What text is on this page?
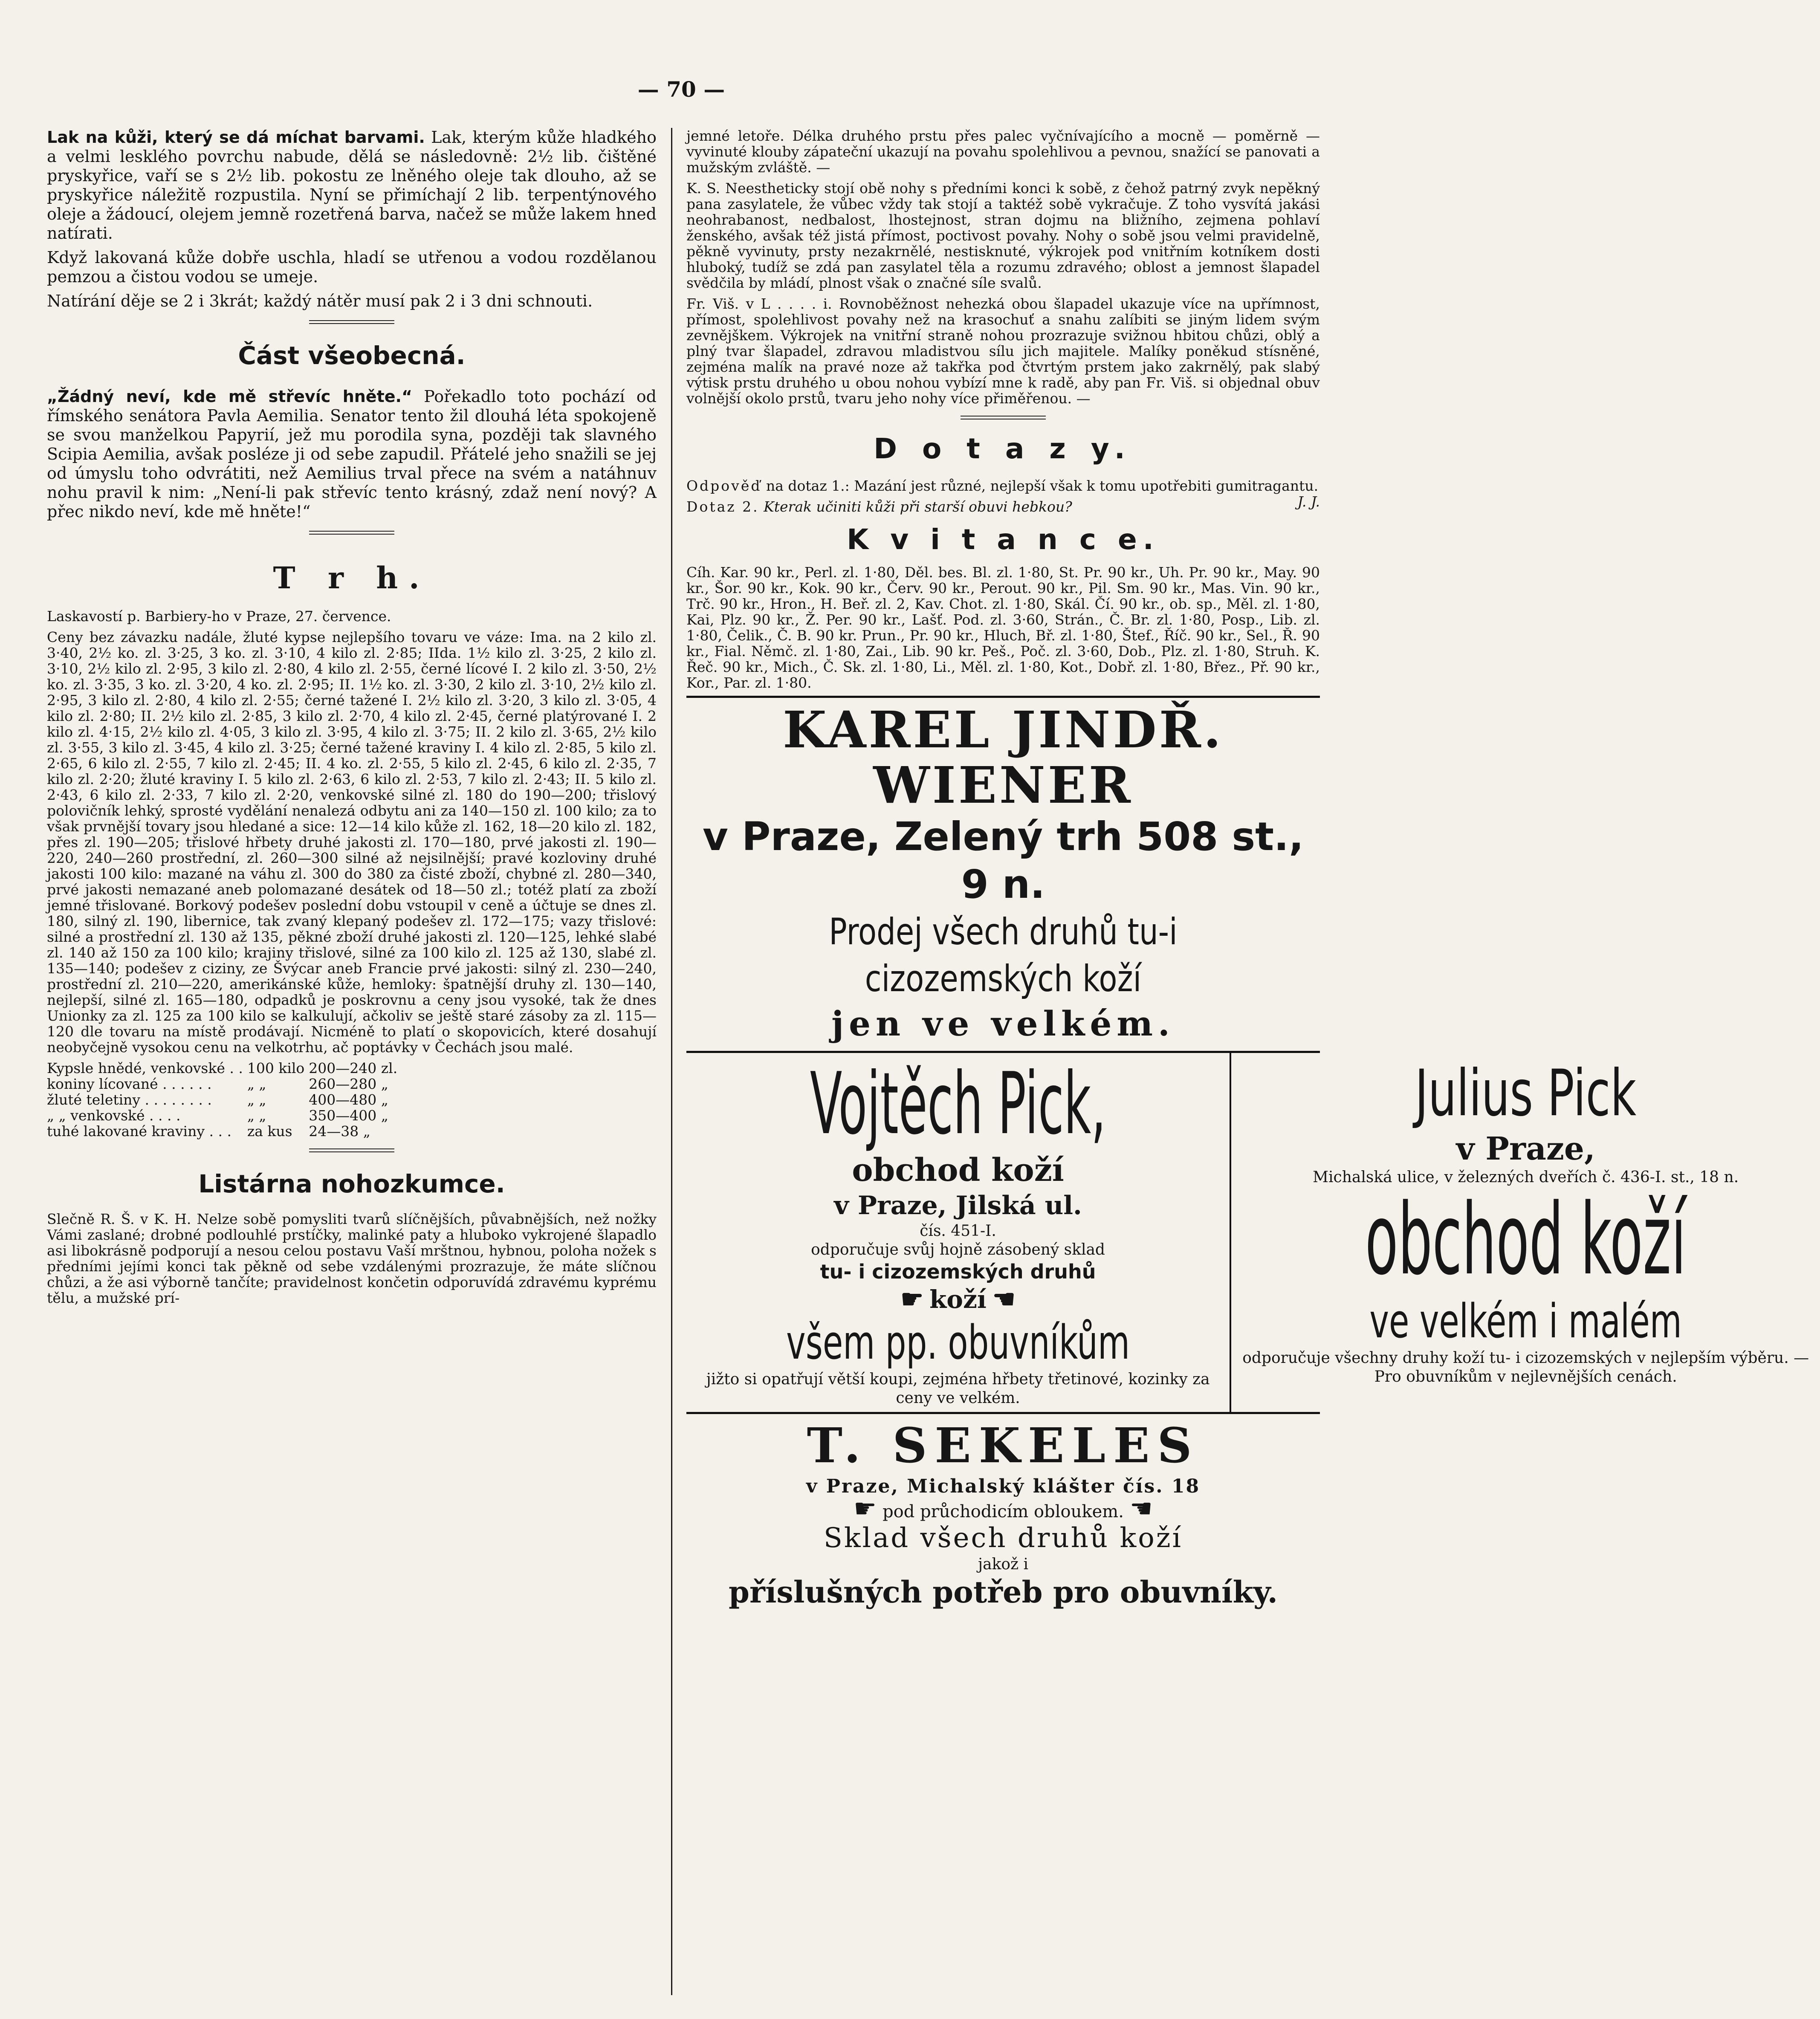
— 70 —

Lak na kůži, který se dá míchat barvami. Lak, kterým kůže hladkého a velmi lesklého povrchu nabude, dělá se následovně: 2½ lib. čištěné pryskyřice, vaří se s 2½ lib. pokostu ze lněného oleje tak dlouho, až se pryskyřice náležitě rozpustila. Nyní se přimíchají 2 lib. terpentýnového oleje a žádoucí, olejem jemně rozetřená barva, načež se může lakem hned natírati.

Když lakovaná kůže dobře uschla, hladí se utřenou a vodou rozdělanou pemzou a čistou vodou se umeje.

Natírání děje se 2 i 3krát; každý nátěr musí pak 2 i 3 dni schnouti.

Část všeobecná.

„Žádný neví, kde mě střevíc hněte.“ Pořekadlo toto pochází od římského senátora Pavla Aemilia. Senator tento žil dlouhá léta spokojeně se svou manželkou Papyrií, jež mu porodila syna, později tak slavného Scipia Aemilia, avšak posléze ji od sebe zapudil. Přátelé jeho snažili se jej od úmyslu toho odvrátiti, než Aemilius trval přece na svém a natáhnuv nohu pravil k nim: „Není-li pak střevíc tento krásný, zdaž není nový? A přec nikdo neví, kde mě hněte!“

T r h.

Laskavostí p. Barbiery-ho v Praze, 27. července.

Ceny bez závazku nadále, žluté kypse nejlepšího tovaru ve váze: Ima. na 2 kilo zl. 3·40, 2½ ko. zl. 3·25, 3 ko. zl. 3·10, 4 kilo zl. 2·85; IIda. 1½ kilo zl. 3·25, 2 kilo zl. 3·10, 2½ kilo zl. 2·95, 3 kilo zl. 2·80, 4 kilo zl. 2·55, černé lícové I. 2 kilo zl. 3·50, 2½ ko. zl. 3·35, 3 ko. zl. 3·20, 4 ko. zl. 2·95; II. 1½ ko. zl. 3·30, 2 kilo zl. 3·10, 2½ kilo zl. 2·95, 3 kilo zl. 2·80, 4 kilo zl. 2·55; černé tažené I. 2½ kilo zl. 3·20, 3 kilo zl. 3·05, 4 kilo zl. 2·80; II. 2½ kilo zl. 2·85, 3 kilo zl. 2·70, 4 kilo zl. 2·45, černé platýrované I. 2 kilo zl. 4·15, 2½ kilo zl. 4·05, 3 kilo zl. 3·95, 4 kilo zl. 3·75; II. 2 kilo zl. 3·65, 2½ kilo zl. 3·55, 3 kilo zl. 3·45, 4 kilo zl. 3·25; černé tažené kraviny I. 4 kilo zl. 2·85, 5 kilo zl. 2·65, 6 kilo zl. 2·55, 7 kilo zl. 2·45; II. 4 ko. zl. 2·55, 5 kilo zl. 2·45, 6 kilo zl. 2·35, 7 kilo zl. 2·20; žluté kraviny I. 5 kilo zl. 2·63, 6 kilo zl. 2·53, 7 kilo zl. 2·43; II. 5 kilo zl. 2·43, 6 kilo zl. 2·33, 7 kilo zl. 2·20, venkovské silné zl. 180 do 190—200; třislový polovičník lehký, sprosté vydělání nenalezá odbytu ani za 140—150 zl. 100 kilo; za to však prvnější tovary jsou hledané a sice: 12—14 kilo kůže zl. 162, 18—20 kilo zl. 182, přes zl. 190—205; třislové hřbety druhé jakosti zl. 170—180, prvé jakosti zl. 190—220, 240—260 prostřední, zl. 260—300 silné až nejsilnější; pravé kozloviny druhé jakosti 100 kilo: mazané na váhu zl. 300 do 380 za čisté zboží, chybné zl. 280—340, prvé jakosti nemazané aneb polomazané desátek od 18—50 zl.; totéž platí za zboží jemné třislované. Borkový podešev poslední dobu vstoupil v ceně a účtuje se dnes zl. 180, silný zl. 190, libernice, tak zvaný klepaný podešev zl. 172—175; vazy třislové: silné a prostřední zl. 130 až 135, pěkné zboží druhé jakosti zl. 120—125, lehké slabé zl. 140 až 150 za 100 kilo; krajiny třislové, silné za 100 kilo zl. 125 až 130, slabé zl. 135—140; podešev z ciziny, ze Švýcar aneb Francie prvé jakosti: silný zl. 230—240, prostřední zl. 210—220, amerikánské kůže, hemloky: špatnější druhy zl. 130—140, nejlepší, silné zl. 165—180, odpadků je poskrovnu a ceny jsou vysoké, tak že dnes Unionky za zl. 125 za 100 kilo se kalkulují, ačkoliv se ještě staré zásoby za zl. 115—120 dle tovaru na místě prodávají. Nicméně to platí o skopovicích, které dosahují neobyčejně vysokou cenu na velkotrhu, ač poptávky v Čechách jsou malé.

Kypsle hnědé, venkovské . .	100 kilo	200—240 zl.
koniny lícované . . . . . .	„ „	260—280 „
žluté teletiny . . . . . . . .	„ „	400—480 „
„ „ venkovské . . . .	„ „	350—400 „
tuhé lakované kraviny . . .	za kus	24—38 „
Listárna nohozkumce.

Slečně R. Š. v K. H. Nelze sobě pomysliti tvarů slíčnějších, půvabnějších, než nožky Vámi zaslané; drobné podlouhlé prstíčky, malinké paty a hluboko vykrojené šlapadlo asi libokrásně podporují a nesou celou postavu Vaší mrštnou, hybnou, poloha nožek s předními jejími konci tak pěkně od sebe vzdálenými prozrazuje, že máte slíčnou chůzi, a že asi výborně tančíte; pravidelnost končetin odporuvídá zdravému kyprému tělu, a mužské prí-

jemné letoře. Délka druhého prstu přes palec vyčnívajícího a mocně — poměrně — vyvinuté klouby zápateční ukazují na povahu spolehlivou a pevnou, snažící se panovati a mužským zvláště. —

K. S. Neestheticky stojí obě nohy s předními konci k sobě, z čehož patrný zvyk nepěkný pana zasylatele, že vůbec vždy tak stojí a taktéž sobě vykračuje. Z toho vysvítá jakási neohrabanost, nedbalost, lhostejnost, stran dojmu na bližního, zejmena pohlaví ženského, avšak též jistá přímost, poctivost povahy. Nohy o sobě jsou velmi pravidelně, pěkně vyvinuty, prsty nezakrnělé, nestisknuté, výkrojek pod vnitřním kotníkem dosti hluboký, tudíž se zdá pan zasylatel těla a rozumu zdravého; oblost a jemnost šlapadel svědčila by mládí, plnost však o značné síle svalů.

Fr. Viš. v L . . . . i. Rovnoběžnost nehezká obou šlapadel ukazuje více na upřímnost, přímost, spolehlivost povahy než na krasochuť a snahu zalíbiti se jiným lidem svým zevnějškem. Výkrojek na vnitřní straně nohou prozrazuje svižnou hbitou chůzi, oblý a plný tvar šlapadel, zdravou mladistvou sílu jich majitele. Malíky poněkud stísněné, zejména malík na pravé noze až takřka pod čtvrtým prstem jako zakrnělý, pak slabý výtisk prstu druhého u obou nohou vybízí mne k radě, aby pan Fr. Viš. si objednal obuv volnější okolo prstů, tvaru jeho nohy více přiměřenou. —

D o t a z y.

Odpověď na dotaz 1.: Mazání jest různé, nejlepší však k tomu upotřebiti gumitragantu.
J. J.

Dotaz 2. Kterak učiniti kůži při starší obuvi hebkou?

K v i t a n c e.

Cíh. Kar. 90 kr., Perl. zl. 1·80, Děl. bes. Bl. zl. 1·80, St. Pr. 90 kr., Uh. Pr. 90 kr., May. 90 kr., Šor. 90 kr., Kok. 90 kr., Červ. 90 kr., Perout. 90 kr., Pil. Sm. 90 kr., Mas. Vin. 90 kr., Trč. 90 kr., Hron., H. Beř. zl. 2, Kav. Chot. zl. 1·80, Skál. Čí. 90 kr., ob. sp., Měl. zl. 1·80, Kai, Plz. 90 kr., Ž. Per. 90 kr., Lašť. Pod. zl. 3·60, Strán., Č. Br. zl. 1·80, Posp., Lib. zl. 1·80, Čelik., Č. B. 90 kr. Prun., Pr. 90 kr., Hluch, Bř. zl. 1·80, Štef., Říč. 90 kr., Sel., Ř. 90 kr., Fial. Němč. zl. 1·80, Zai., Lib. 90 kr. Peš., Poč. zl. 3·60, Dob., Plz. zl. 1·80, Struh. K. Řeč. 90 kr., Mich., Č. Sk. zl. 1·80, Li., Měl. zl. 1·80, Kot., Dobř. zl. 1·80, Břez., Př. 90 kr., Kor., Par. zl. 1·80.

KAREL JINDŘ. WIENER
v Praze, Zelený trh 508 st., 9 n.
Prodej všech druhů tu-i cizozemských koží
jen ve velkém.
Vojtěch Pick,
obchod koží
v Praze, Jilská ul.
čís. 451-I.
odporučuje svůj hojně zásobený sklad
tu- i cizozemských druhů
☛ koží ☚
všem pp. obuvníkům
jižto si opatřují větší koupi, zejména hřbety třetinové, kozinky za ceny ve velkém.
Julius Pick
v Praze,
Michalská ulice, v železných dveřích č. 436-I. st., 18 n.
obchod koží
ve velkém i malém
odporučuje všechny druhy koží tu- i cizozemských v nejlepším výběru. — Pro obuvníkům v nejlevnějších cenách.
T. SEKELES
v Praze, Michalský klášter čís. 18
☛ pod průchodicím obloukem. ☚
Sklad všech druhů koží
jakož i
příslušných potřeb pro obuvníky.
